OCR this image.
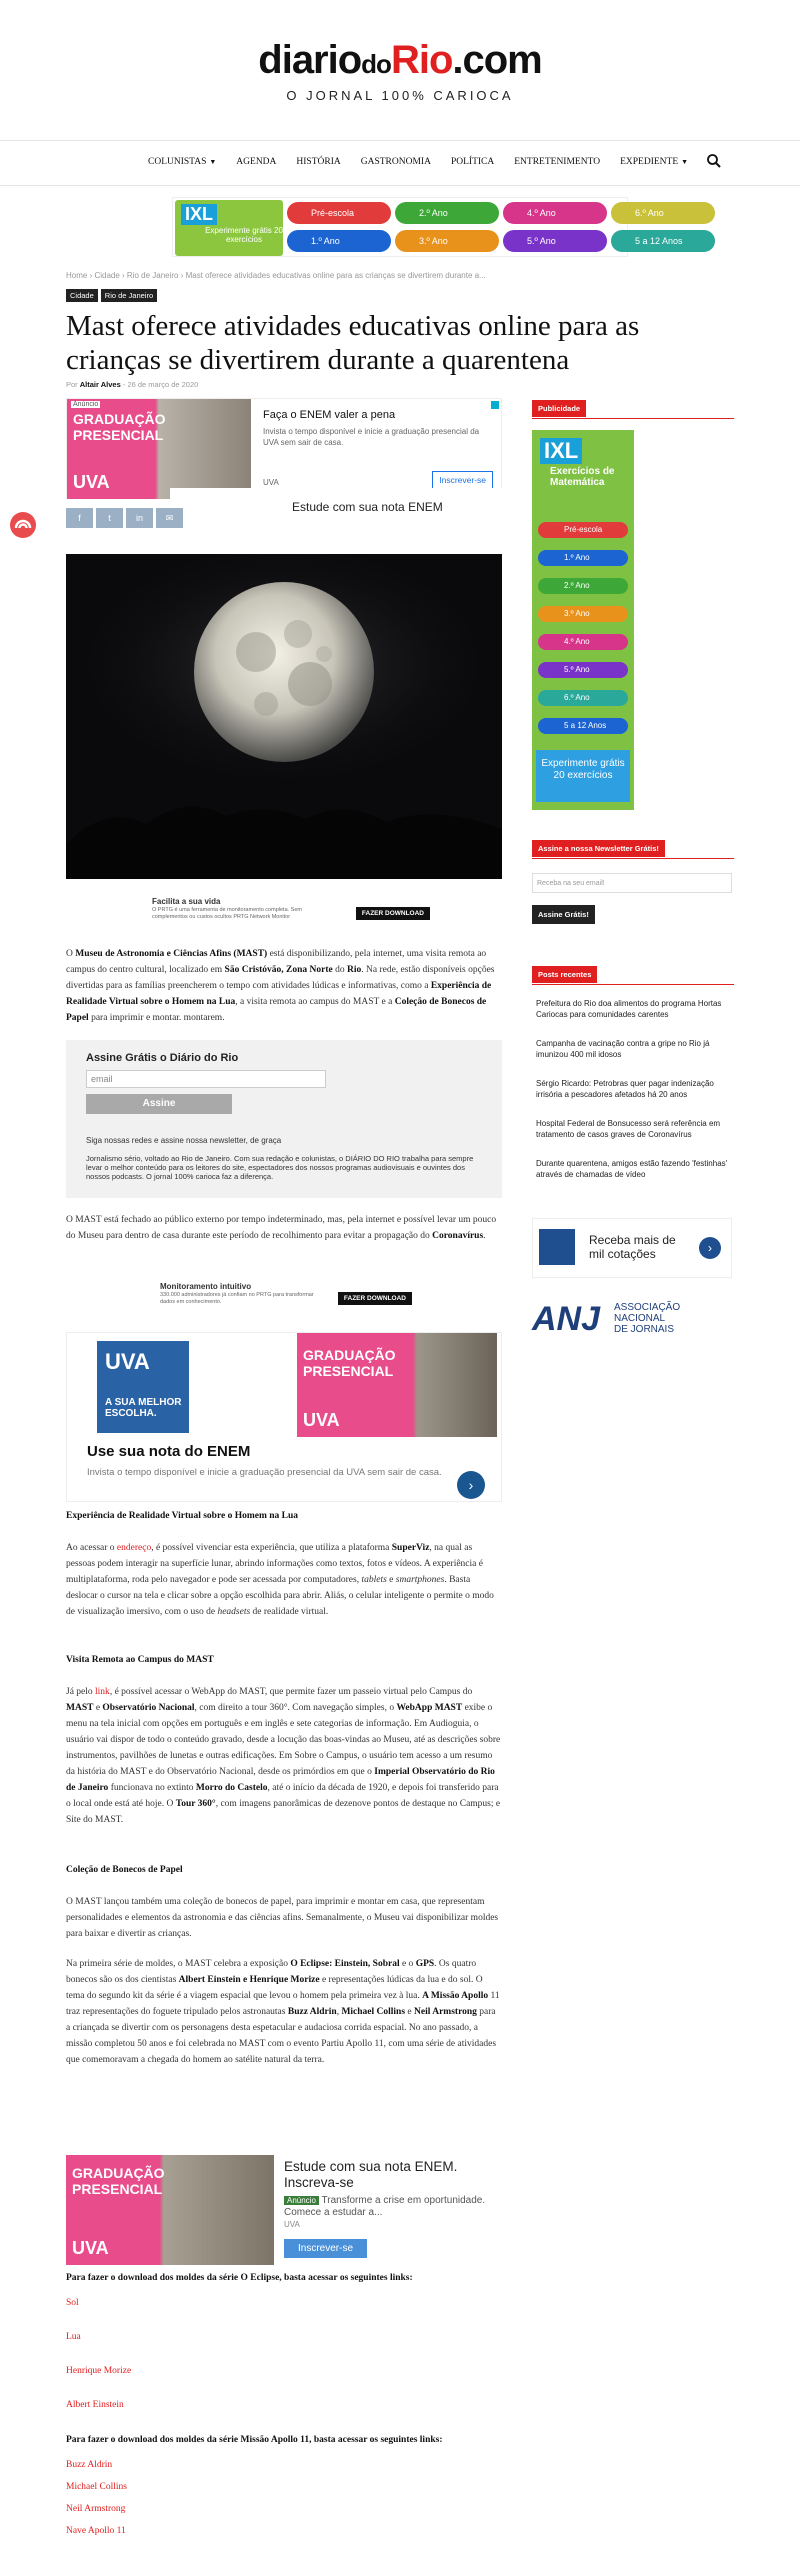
diariodoRio.com
O JORNAL 100% CARIOCA
COLUNISTAS ▼ AGENDA HISTÓRIA GASTRONOMIA POLÍTICA ENTRETENIMENTO EXPEDIENTE ▼
IXL
Experimente grátis 20 exercícios
Pré-escola	2.º Ano	4.º Ano	6.º Ano
1.º Ano	3.º Ano	5.º Ano	5 a 12 Anos
Home › Cidade › Rio de Janeiro › Mast oferece atividades educativas online para as crianças se divertirem durante a...
Cidade	Rio de Janeiro
Mast oferece atividades educativas online para as crianças se divertirem durante a quarentena
Por Altair Alves - 26 de março de 2020
Anúncio
GRADUAÇÃO PRESENCIAL
UVA
Faça o ENEM valer a pena
Invista o tempo disponível e inicie a graduação presencial da UVA sem sair de casa.
UVA	Inscrever-se
Estude com sua nota ENEM
f	t	in	✉
Facilita a sua vida
O PRTG é uma ferramenta de monitoramento completa. Sem complementos ou custos ocultos PRTG Network Monitor	FAZER DOWNLOAD

O Museu de Astronomia e Ciências Afins (MAST) está disponibilizando, pela internet, uma visita remota ao campus do centro cultural, localizado em São Cristóvão, Zona Norte do Rio. Na rede, estão disponíveis opções divertidas para as famílias preencherem o tempo com atividades lúdicas e informativas, como a Experiência de Realidade Virtual sobre o Homem na Lua, a visita remota ao campus do MAST e a Coleção de Bonecos de Papel para imprimir e montar. montarem.

Assine Grátis o Diário do Rio
email
Assine
Siga nossas redes e assine nossa newsletter, de graça
Jornalismo sério, voltado ao Rio de Janeiro. Com sua redação e colunistas, o DIÁRIO DO RIO trabalha para sempre levar o melhor conteúdo para os leitores do site, espectadores dos nossos programas audiovisuais e ouvintes dos nossos podcasts. O jornal 100% carioca faz a diferença.

O MAST está fechado ao público externo por tempo indeterminado, mas, pela internet e possível levar um pouco do Museu para dentro de casa durante este período de recolhimento para evitar a propagação do Coronavírus.

Monitoramento intuitivo
330.000 administradores já confiam no PRTG para transformar dados em conhecimento.	FAZER DOWNLOAD
UVA
A SUA MELHOR ESCOLHA.
GRADUAÇÃO PRESENCIAL
UVA
Use sua nota do ENEM
Invista o tempo disponível e inicie a graduação presencial da UVA sem sair de casa.
›

Experiência de Realidade Virtual sobre o Homem na Lua

Ao acessar o endereço, é possível vivenciar esta experiência, que utiliza a plataforma SuperViz, na qual as pessoas podem interagir na superfície lunar, abrindo informações como textos, fotos e vídeos. A experiência é multiplataforma, roda pelo navegador e pode ser acessada por computadores, tablets e smartphones. Basta deslocar o cursor na tela e clicar sobre a opção escolhida para abrir. Aliás, o celular inteligente o permite o modo de visualização imersivo, com o uso de headsets de realidade virtual.

Visita Remota ao Campus do MAST

Já pelo link, é possível acessar o WebApp do MAST, que permite fazer um passeio virtual pelo Campus do MAST e Observatório Nacional, com direito a tour 360°. Com navegação simples, o WebApp MAST exibe o menu na tela inicial com opções em português e em inglês e sete categorias de informação. Em Audioguia, o usuário vai dispor de todo o conteúdo gravado, desde a locução das boas-vindas ao Museu, até as descrições sobre instrumentos, pavilhões de lunetas e outras edificações. Em Sobre o Campus, o usuário tem acesso a um resumo da história do MAST e do Observatório Nacional, desde os primórdios em que o Imperial Observatório do Rio de Janeiro funcionava no extinto Morro do Castelo, até o início da década de 1920, e depois foi transferido para o local onde está até hoje. O Tour 360°, com imagens panorâmicas de dezenove pontos de destaque no Campus; e Site do MAST.

Coleção de Bonecos de Papel

O MAST lançou também uma coleção de bonecos de papel, para imprimir e montar em casa, que representam personalidades e elementos da astronomia e das ciências afins. Semanalmente, o Museu vai disponibilizar moldes para baixar e divertir as crianças.

Na primeira série de moldes, o MAST celebra a exposição O Eclipse: Einstein, Sobral e o GPS. Os quatro bonecos são os dos cientistas Albert Einstein e Henrique Morize e representações lúdicas da lua e do sol. O tema do segundo kit da série é a viagem espacial que levou o homem pela primeira vez à lua. A Missão Apollo 11 traz representações do foguete tripulado pelos astronautas Buzz Aldrin, Michael Collins e Neil Armstrong para a criançada se divertir com os personagens desta espetacular e audaciosa corrida espacial. No ano passado, a missão completou 50 anos e foi celebrada no MAST com o evento Partiu Apollo 11, com uma série de atividades que comemoravam a chegada do homem ao satélite natural da terra.

GRADUAÇÃO PRESENCIAL
UVA
Estude com sua nota ENEM. Inscreva-se
Anúncio Transforme a crise em oportunidade. Comece a estudar a...
UVA
Inscrever-se

Para fazer o download dos moldes da série O Eclipse, basta acessar os seguintes links:

Sol
Lua
Henrique Morize
Albert Einstein

Para fazer o download dos moldes da série Missão Apollo 11, basta acessar os seguintes links:

Buzz Aldrin
Michael Collins
Neil Armstrong
Nave Apollo 11
Publicidade
IXL
Exercícios de Matemática
Pré-escola
1.º Ano
2.º Ano
3.º Ano
4.º Ano
5.º Ano
6.º Ano
5 a 12 Anos
Experimente grátis 20 exercícios
Assine a nossa Newsletter Grátis!
Receba na seu email!
Assine Grátis!
Posts recentes
Prefeitura do Rio doa alimentos do programa Hortas Cariocas para comunidades carentes
Campanha de vacinação contra a gripe no Rio já imunizou 400 mil idosos
Sérgio Ricardo: Petrobras quer pagar indenização irrisória a pescadores afetados há 20 anos
Hospital Federal de Bonsucesso será referência em tratamento de casos graves de Coronavírus
Durante quarentena, amigos estão fazendo 'festinhas' através de chamadas de vídeo
Receba mais de mil cotações	›
ANJ ASSOCIAÇÃO
NACIONAL
DE JORNAIS
